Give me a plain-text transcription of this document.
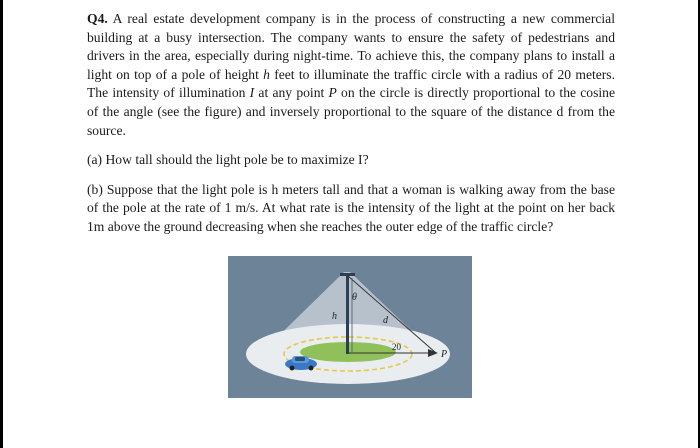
Q4. A real estate development company is in the process of constructing a new commercial building at a busy intersection. The company wants to ensure the safety of pedestrians and drivers in the area, especially during night-time. To achieve this, the company plans to install a light on top of a pole of height h feet to illuminate the traffic circle with a radius of 20 meters. The intensity of illumination I at any point P on the circle is directly proportional to the cosine of the angle (see the figure) and inversely proportional to the square of the distance d from the source.

(a) How tall should the light pole be to maximize I?

(b) Suppose that the light pole is h meters tall and that a woman is walking away from the base of the pole at the rate of 1 m/s. At what rate is the intensity of the light at the point on her back 1m above the ground decreasing when she reaches the outer edge of the traffic circle?

θ
h	d
20
P
